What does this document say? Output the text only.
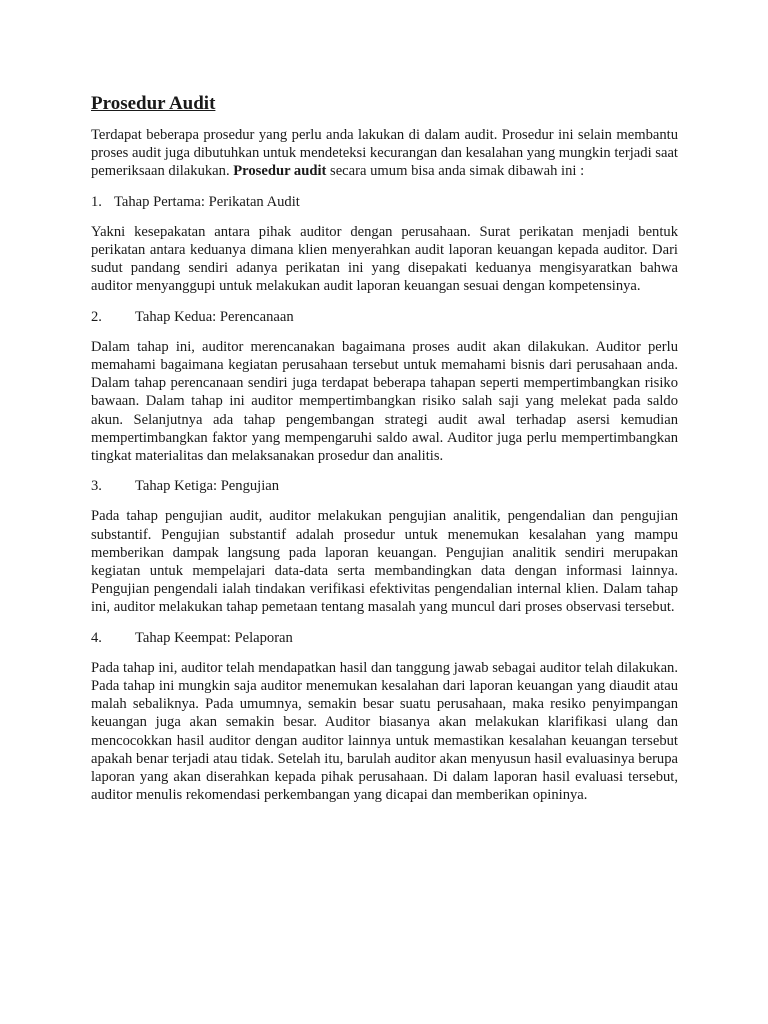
Prosedur Audit

Terdapat beberapa prosedur yang perlu anda lakukan di dalam audit. Prosedur ini selain membantu proses audit juga dibutuhkan untuk mendeteksi kecurangan dan kesalahan yang mungkin terjadi saat pemeriksaan dilakukan. Prosedur audit secara umum bisa anda simak dibawah ini :

1. Tahap Pertama: Perikatan Audit

Yakni kesepakatan antara pihak auditor dengan perusahaan. Surat perikatan menjadi bentuk perikatan antara keduanya dimana klien menyerahkan audit laporan keuangan kepada auditor. Dari sudut pandang sendiri adanya perikatan ini yang disepakati keduanya mengisyaratkan bahwa auditor menyanggupi untuk melakukan audit laporan keuangan sesuai dengan kompetensinya.

2.	Tahap Kedua: Perencanaan

Dalam tahap ini, auditor merencanakan bagaimana proses audit akan dilakukan. Auditor perlu memahami bagaimana kegiatan perusahaan tersebut untuk memahami bisnis dari perusahaan anda. Dalam tahap perencanaan sendiri juga terdapat beberapa tahapan seperti mempertimbangkan risiko bawaan. Dalam tahap ini auditor mempertimbangkan risiko salah saji yang melekat pada saldo akun. Selanjutnya ada tahap pengembangan strategi audit awal terhadap asersi kemudian mempertimbangkan faktor yang mempengaruhi saldo awal. Auditor juga perlu mempertimbangkan tingkat materialitas dan melaksanakan prosedur dan analitis.

3.	Tahap Ketiga: Pengujian

Pada tahap pengujian audit, auditor melakukan pengujian analitik, pengendalian dan pengujian substantif. Pengujian substantif adalah prosedur untuk menemukan kesalahan yang mampu memberikan dampak langsung pada laporan keuangan. Pengujian analitik sendiri merupakan kegiatan untuk mempelajari data-data serta membandingkan data dengan informasi lainnya. Pengujian pengendali ialah tindakan verifikasi efektivitas pengendalian internal klien. Dalam tahap ini, auditor melakukan tahap pemetaan tentang masalah yang muncul dari proses observasi tersebut.

4.	Tahap Keempat: Pelaporan

Pada tahap ini, auditor telah mendapatkan hasil dan tanggung jawab sebagai auditor telah dilakukan. Pada tahap ini mungkin saja auditor menemukan kesalahan dari laporan keuangan yang diaudit atau malah sebaliknya. Pada umumnya, semakin besar suatu perusahaan, maka resiko penyimpangan keuangan juga akan semakin besar. Auditor biasanya akan melakukan klarifikasi ulang dan mencocokkan hasil auditor dengan auditor lainnya untuk memastikan kesalahan keuangan tersebut apakah benar terjadi atau tidak. Setelah itu, barulah auditor akan menyusun hasil evaluasinya berupa laporan yang akan diserahkan kepada pihak perusahaan. Di dalam laporan hasil evaluasi tersebut, auditor menulis rekomendasi perkembangan yang dicapai dan memberikan opininya.
